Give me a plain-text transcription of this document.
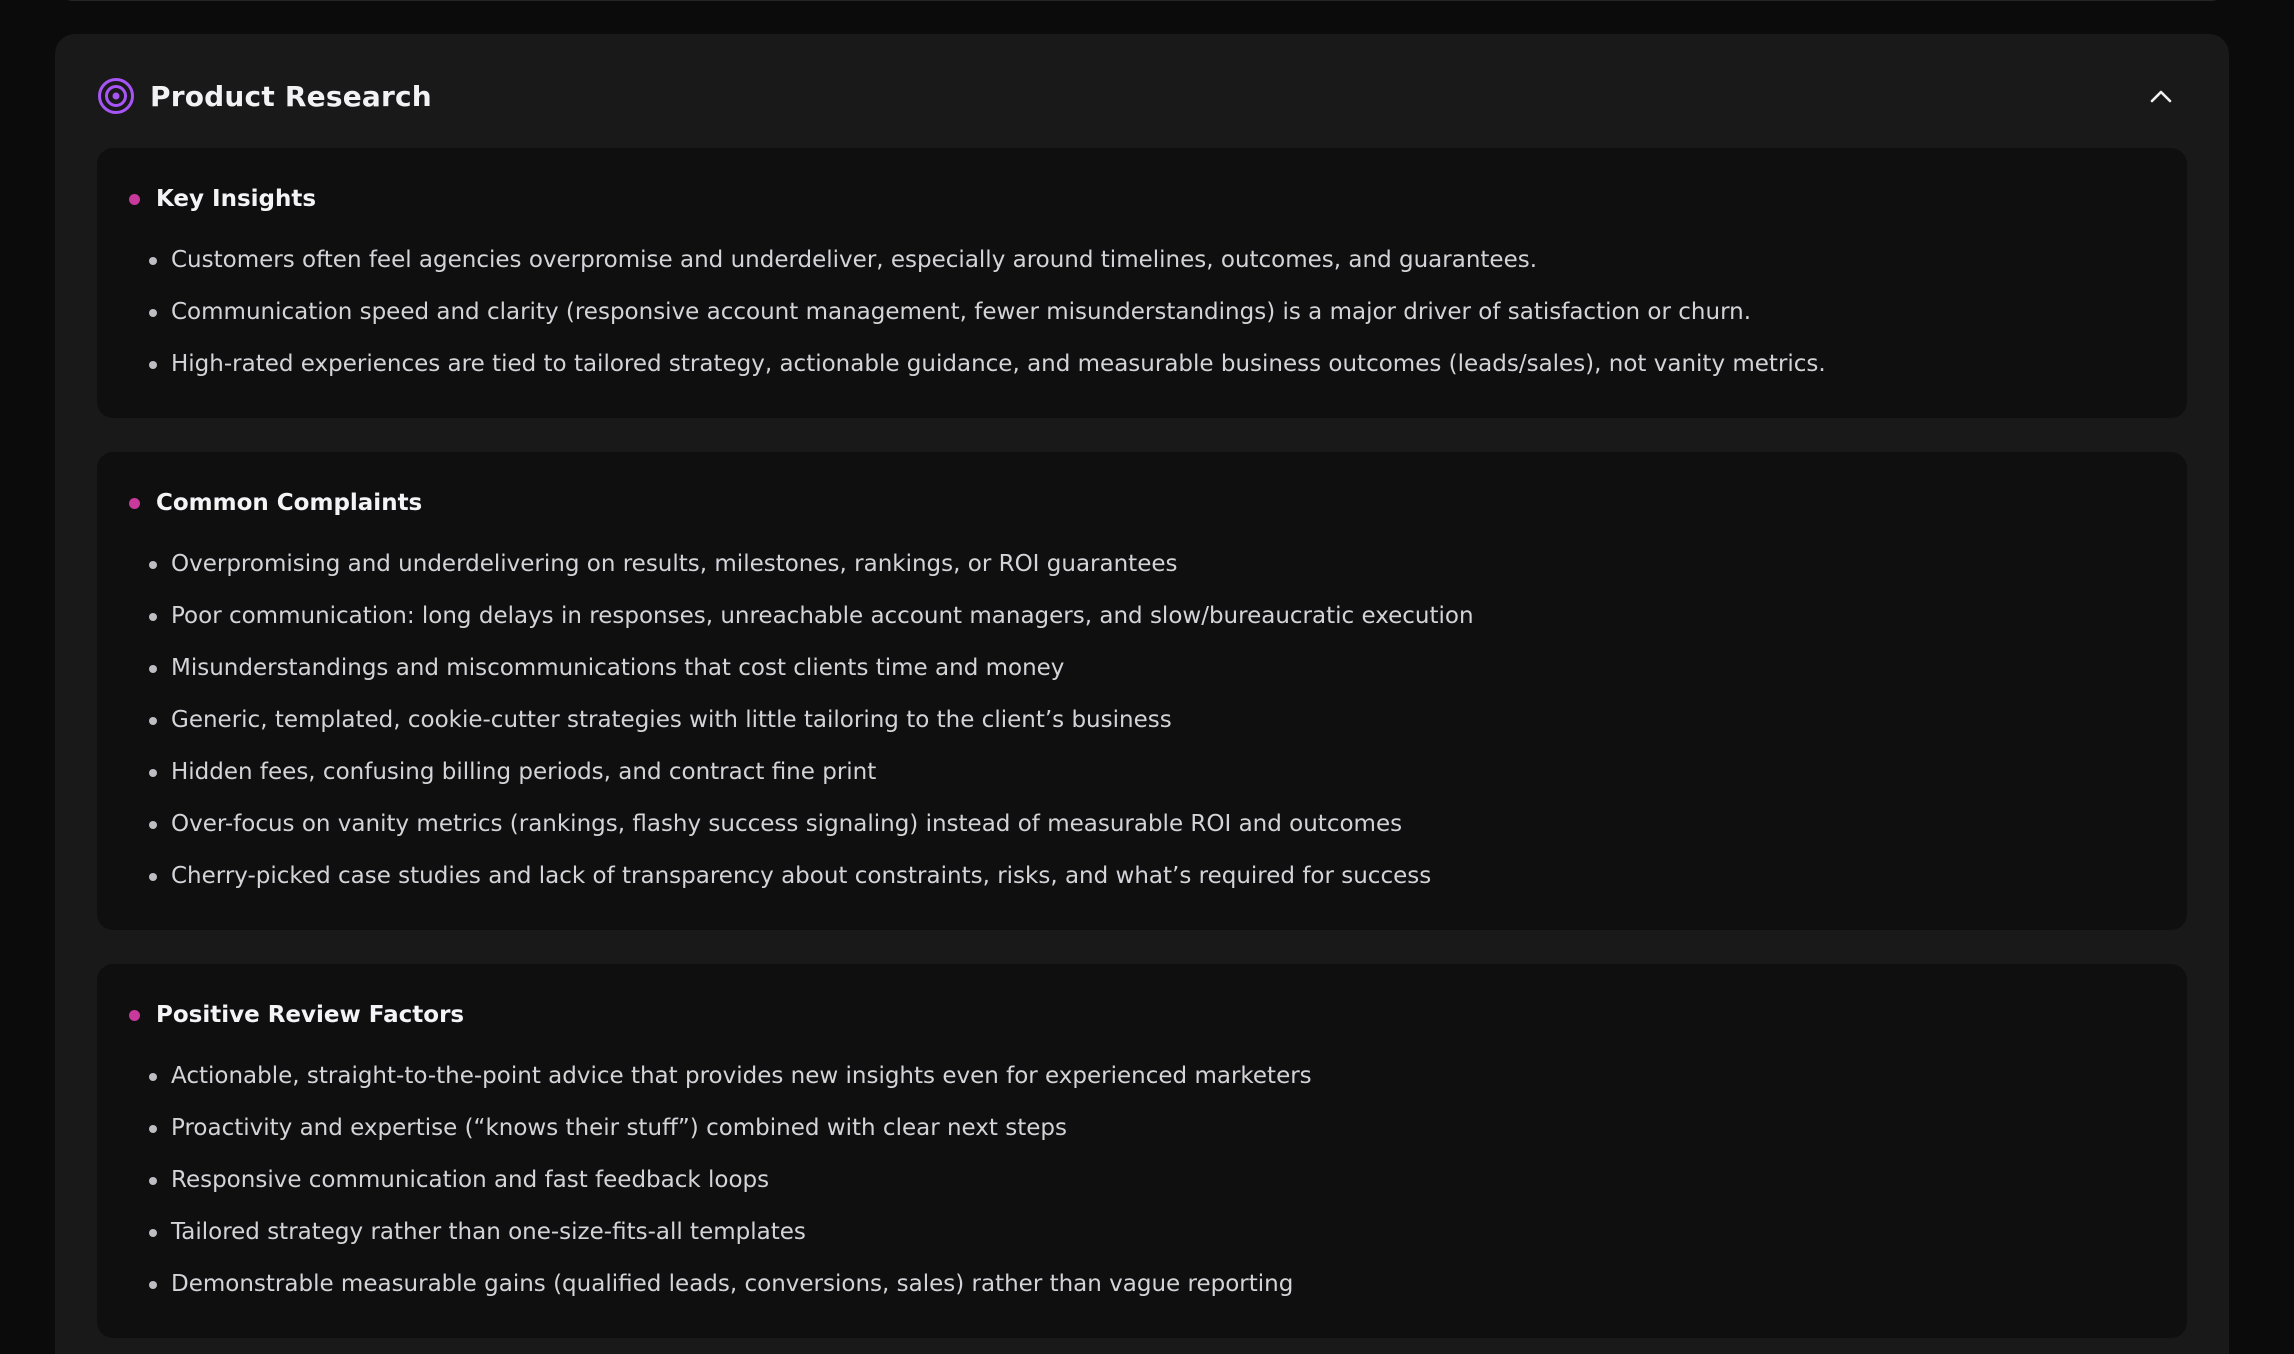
Product Research
Key Insights
Customers often feel agencies overpromise and underdeliver, especially around timelines, outcomes, and guarantees.
Communication speed and clarity (responsive account management, fewer misunderstandings) is a major driver of satisfaction or churn.
High-rated experiences are tied to tailored strategy, actionable guidance, and measurable business outcomes (leads/sales), not vanity metrics.
Common Complaints
Overpromising and underdelivering on results, milestones, rankings, or ROI guarantees
Poor communication: long delays in responses, unreachable account managers, and slow/bureaucratic execution
Misunderstandings and miscommunications that cost clients time and money
Generic, templated, cookie-cutter strategies with little tailoring to the client’s business
Hidden fees, confusing billing periods, and contract fine print
Over-focus on vanity metrics (rankings, flashy success signaling) instead of measurable ROI and outcomes
Cherry-picked case studies and lack of transparency about constraints, risks, and what’s required for success
Positive Review Factors
Actionable, straight-to-the-point advice that provides new insights even for experienced marketers
Proactivity and expertise (“knows their stuff”) combined with clear next steps
Responsive communication and fast feedback loops
Tailored strategy rather than one-size-fits-all templates
Demonstrable measurable gains (qualified leads, conversions, sales) rather than vague reporting
